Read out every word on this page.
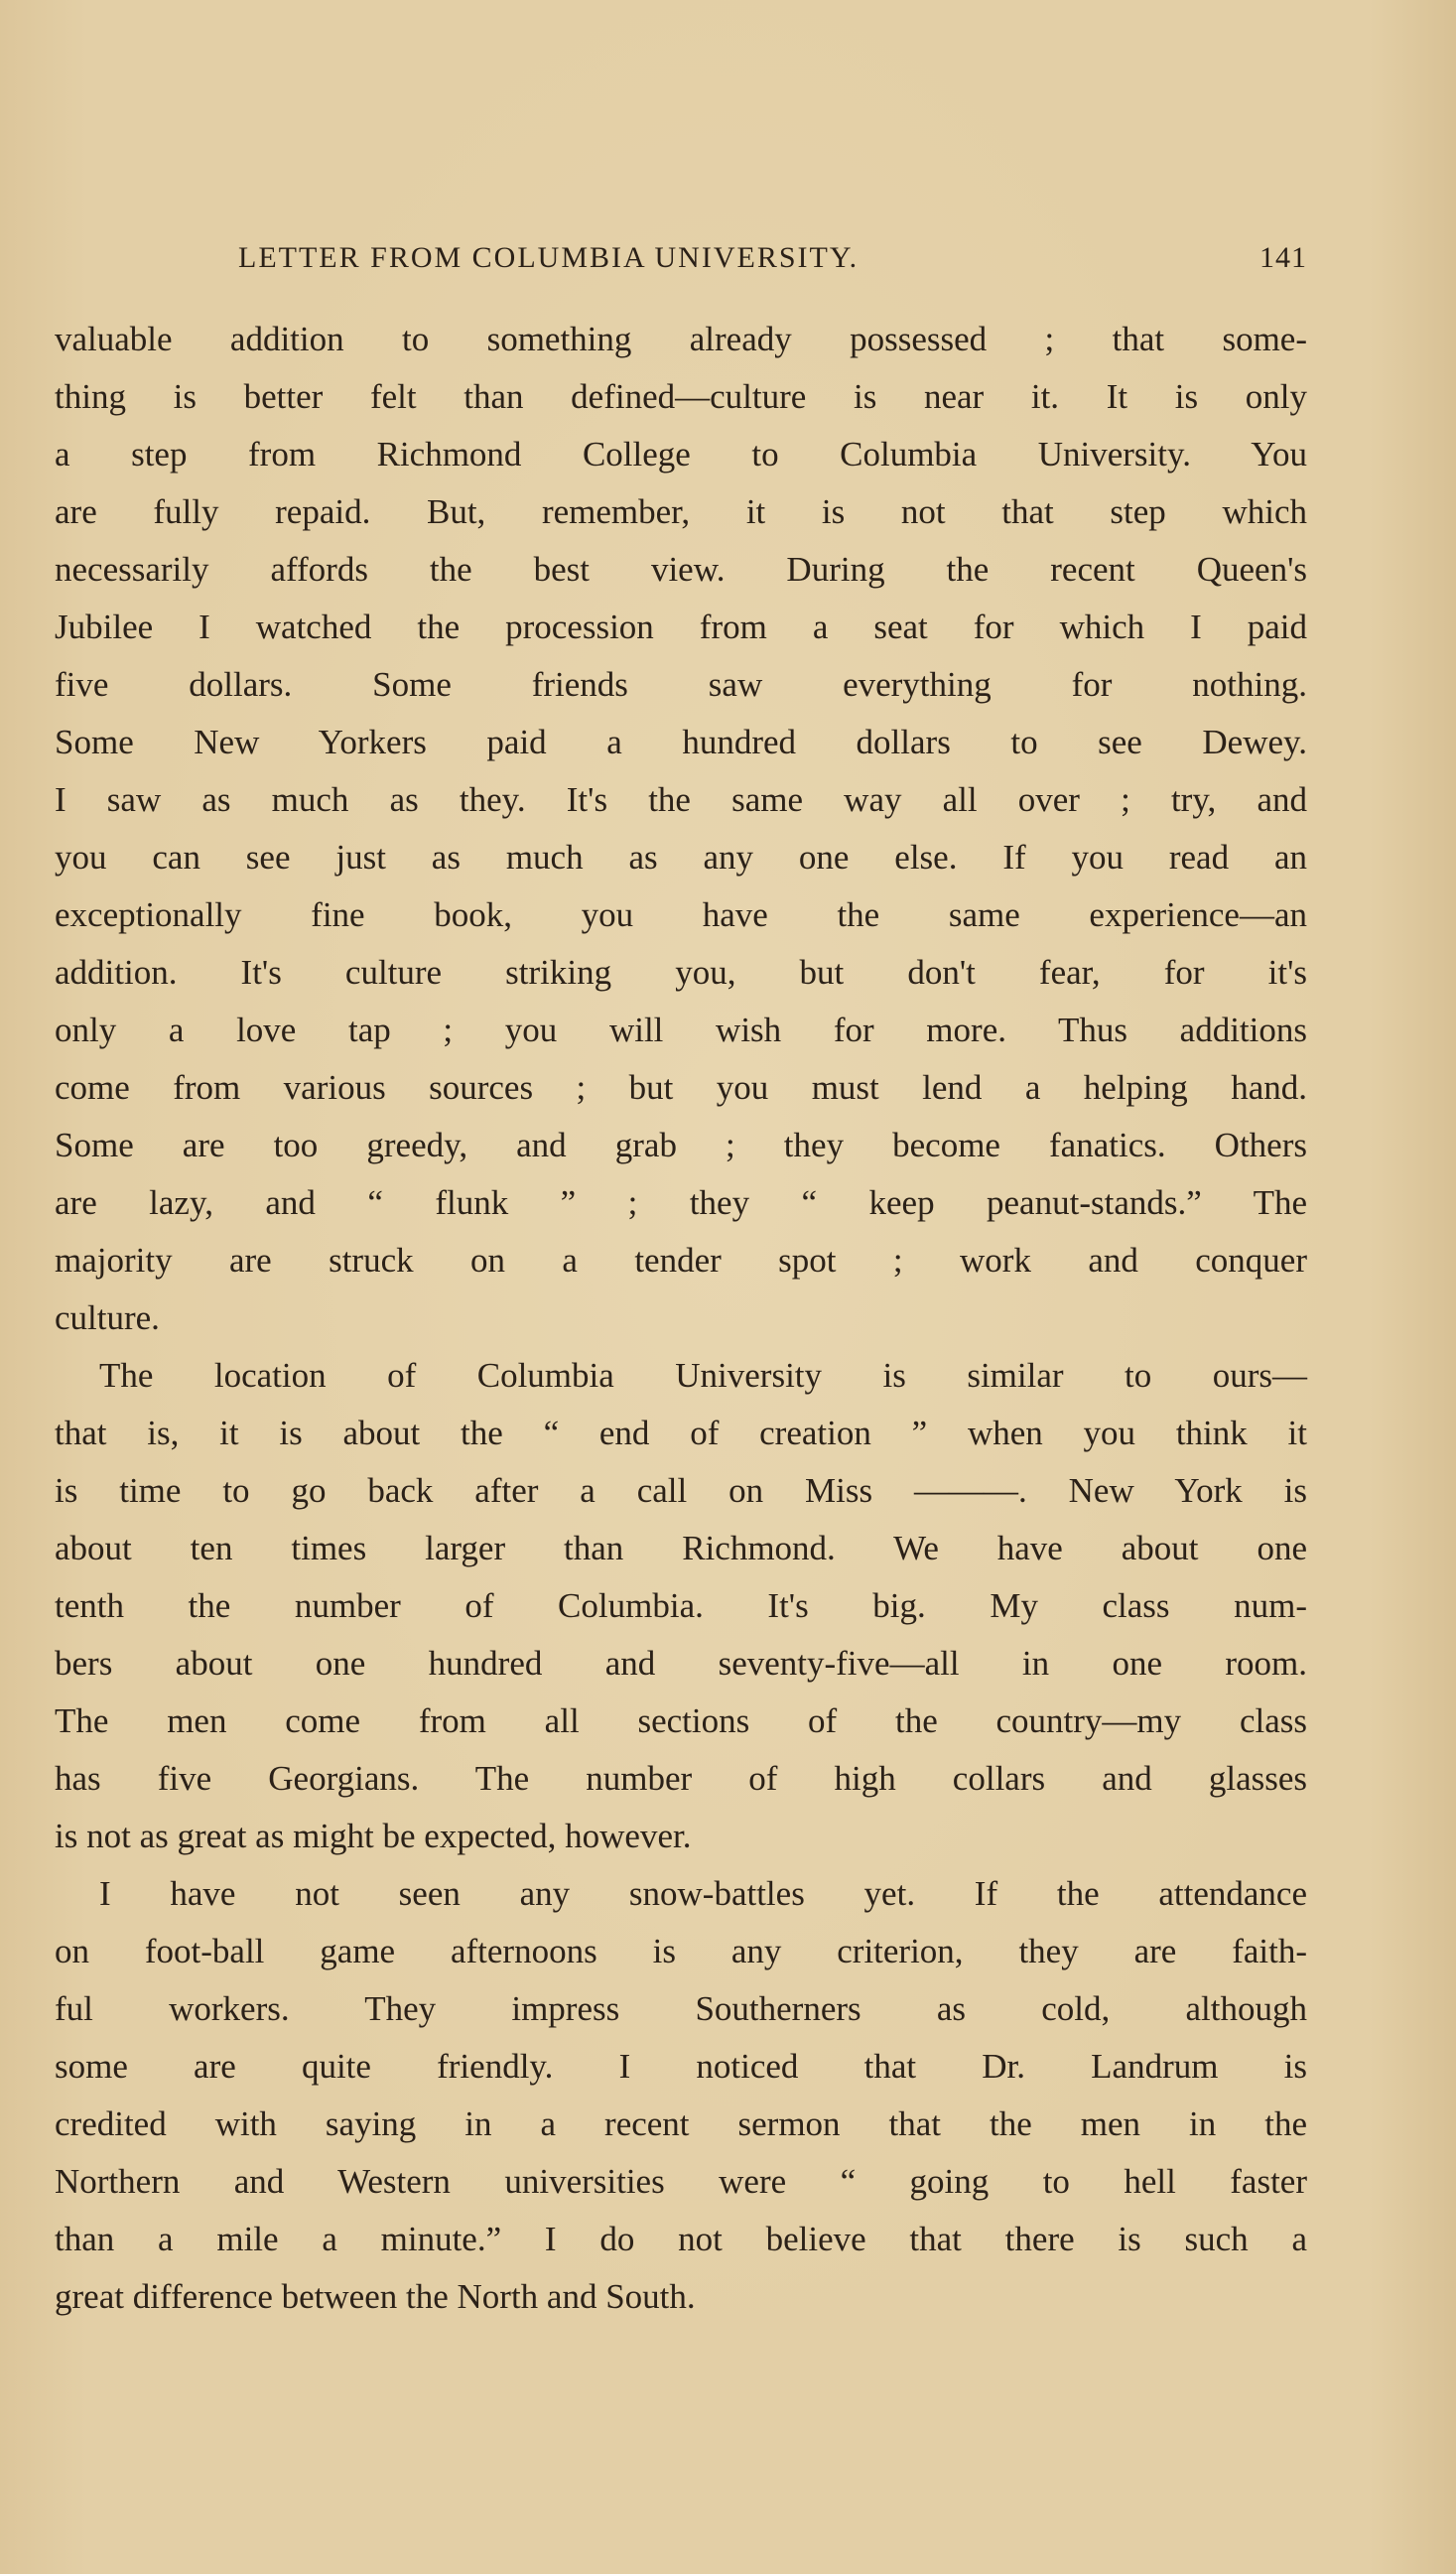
LETTER FROM COLUMBIA UNIVERSITY.	141
valuable addition to something already possessed ; that some-
thing is better felt than defined—culture is near it. It is only
a step from Richmond College to Columbia University. You
are fully repaid. But, remember, it is not that step which
necessarily affords the best view. During the recent Queen's
Jubilee I watched the procession from a seat for which I paid
five dollars. Some friends saw everything for nothing.
Some New Yorkers paid a hundred dollars to see Dewey.
I saw as much as they. It's the same way all over ; try, and
you can see just as much as any one else. If you read an
exceptionally fine book, you have the same experience—an
addition. It's culture striking you, but don't fear, for it's
only a love tap ; you will wish for more. Thus additions
come from various sources ; but you must lend a helping hand.
Some are too greedy, and grab ; they become fanatics. Others
are lazy, and “ flunk ” ; they “ keep peanut-stands.” The
majority are struck on a tender spot ; work and conquer
culture.
The location of Columbia University is similar to ours—
that is, it is about the “ end of creation ” when you think it
is time to go back after a call on Miss ———. New York is
about ten times larger than Richmond. We have about one
tenth the number of Columbia. It's big. My class num-
bers about one hundred and seventy-five—all in one room.
The men come from all sections of the country—my class
has five Georgians. The number of high collars and glasses
is not as great as might be expected, however.
I have not seen any snow-battles yet. If the attendance
on foot-ball game afternoons is any criterion, they are faith-
ful workers. They impress Southerners as cold, although
some are quite friendly. I noticed that Dr. Landrum is
credited with saying in a recent sermon that the men in the
Northern and Western universities were “ going to hell faster
than a mile a minute.” I do not believe that there is such a
great difference between the North and South.
